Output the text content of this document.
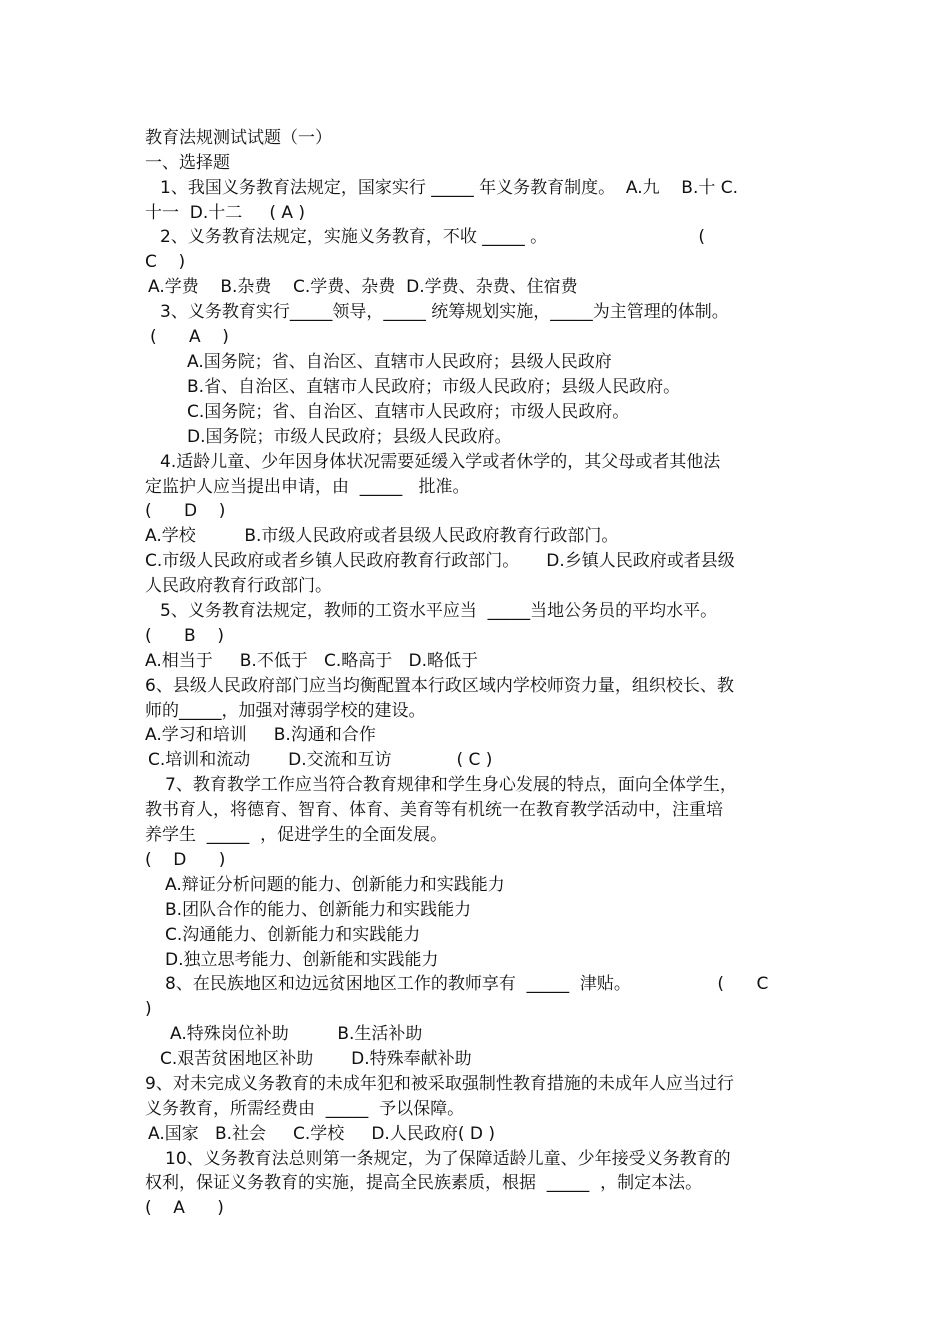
教育法规测试试题（一）
一、选择题
1、我国义务教育法规定，国家实行 _____ 年义务教育制度。  A.九    B.十 C.
十一  D.十二     ( A )
2、义务教育法规定，实施义务教育，不收 _____ 。                            (
C    )
A.学费    B.杂费    C.学费、杂费  D.学费、杂费、住宿费
3、义务教育实行_____领导，_____ 统筹规划实施，_____为主管理的体制。
(      A    )
A.国务院；省、自治区、直辖市人民政府；县级人民政府
B.省、自治区、直辖市人民政府；市级人民政府；县级人民政府。
C.国务院；省、自治区、直辖市人民政府；市级人民政府。
D.国务院；市级人民政府；县级人民政府。
4.适龄儿童、少年因身体状况需要延缓入学或者休学的，其父母或者其他法
定监护人应当提出申请，由  _____   批准。
(      D    )
A.学校         B.市级人民政府或者县级人民政府教育行政部门。
C.市级人民政府或者乡镇人民政府教育行政部门。     D.乡镇人民政府或者县级
人民政府教育行政部门。
5、义务教育法规定，教师的工资水平应当  _____当地公务员的平均水平。
(      B    )
A.相当于     B.不低于   C.略高于   D.略低于
6、县级人民政府部门应当均衡配置本行政区域内学校师资力量，组织校长、教
师的_____，加强对薄弱学校的建设。
A.学习和培训     B.沟通和合作
C.培训和流动       D.交流和互访            ( C )
7、教育教学工作应当符合教育规律和学生身心发展的特点，面向全体学生，
教书育人，将德育、智育、体育、美育等有机统一在教育教学活动中，注重培
养学生  _____  ，促进学生的全面发展。
(    D      )
A.辩证分析问题的能力、创新能力和实践能力
B.团队合作的能力、创新能力和实践能力
C.沟通能力、创新能力和实践能力
D.独立思考能力、创新能和实践能力
8、在民族地区和边远贫困地区工作的教师享有  _____  津贴。                (      C
)
A.特殊岗位补助         B.生活补助
C.艰苦贫困地区补助       D.特殊奉献补助
9、对未完成义务教育的未成年犯和被采取强制性教育措施的未成年人应当过行
义务教育，所需经费由  _____  予以保障。
A.国家   B.社会     C.学校     D.人民政府( D )
10、义务教育法总则第一条规定，为了保障适龄儿童、少年接受义务教育的
权利，保证义务教育的实施，提高全民族素质，根据  _____  ，制定本法。
(    A      )
